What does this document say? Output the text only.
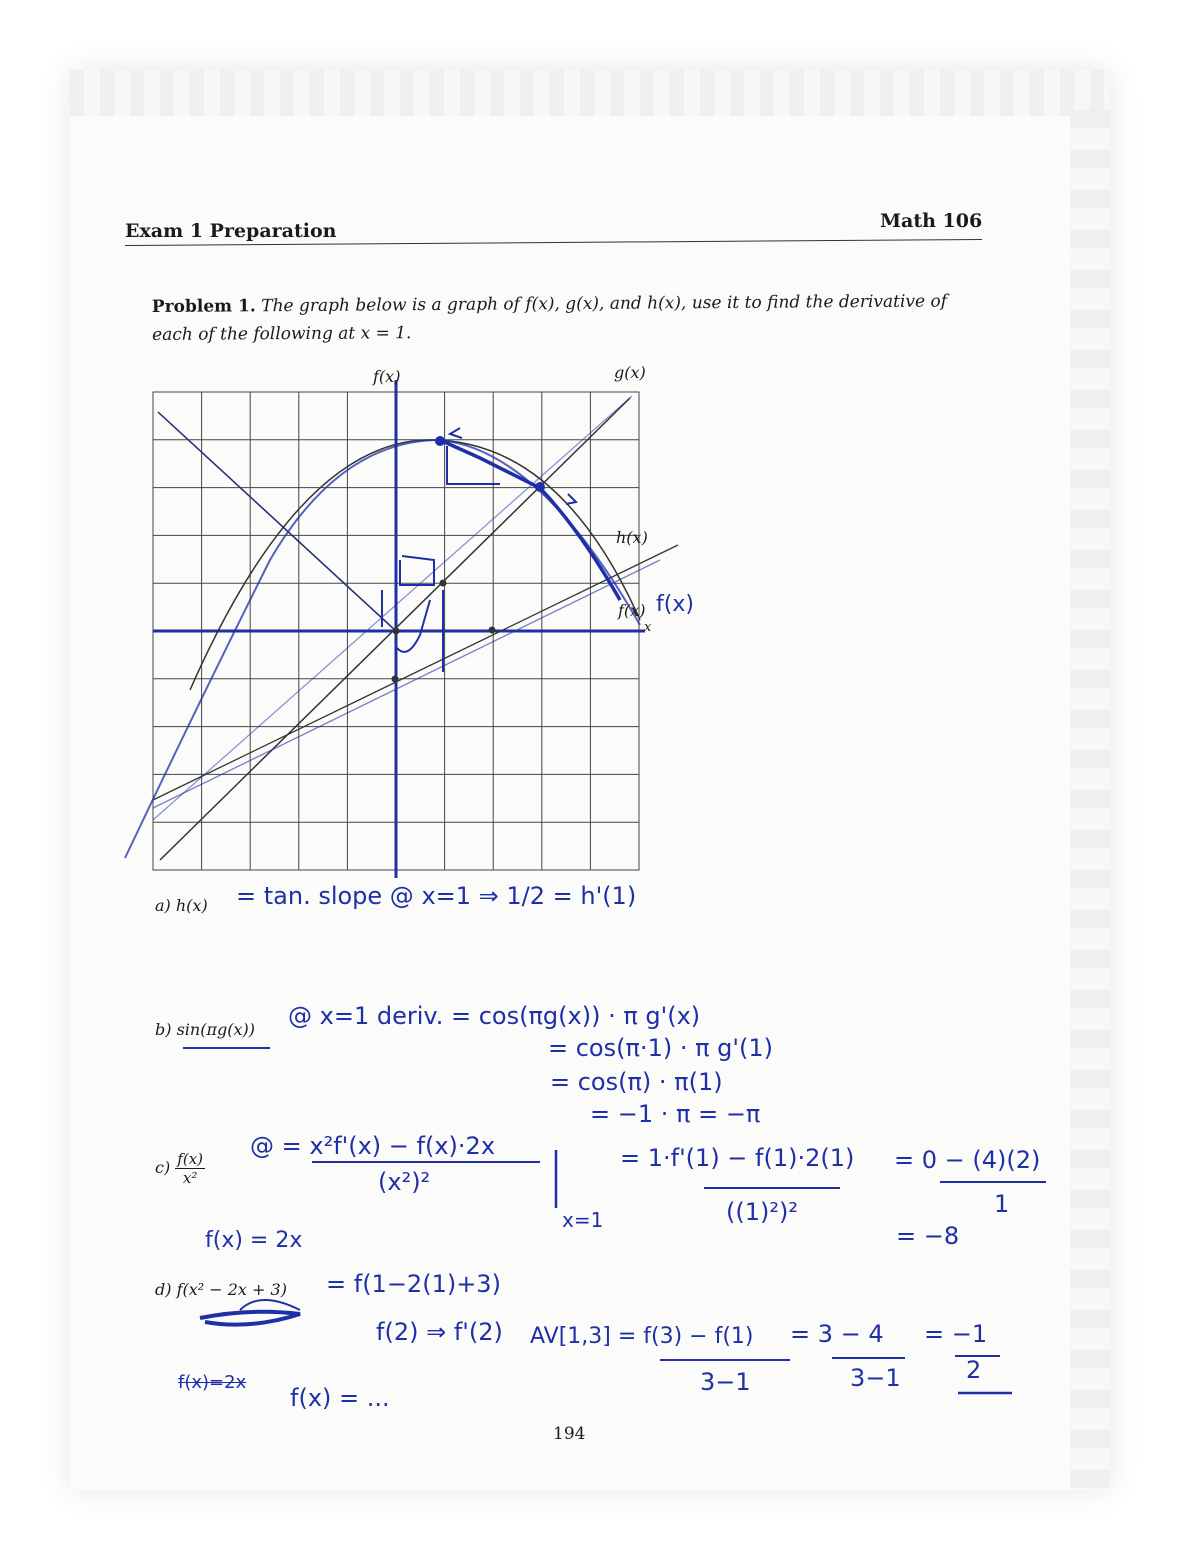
Exam 1 Preparation	Math 106
Problem 1. The graph below is a graph of f(x), g(x), and h(x), use it to find the derivative of each of the following at x = 1.
f(x)	g(x)
h(x)
f(x)
x
f(x)
a) h(x) = tan. slope @ x=1 ⇒ 1/2 = h'(1)
b) sin(πg(x)) @ x=1 deriv. = cos(πg(x)) · π g'(x)
= cos(π·1) · π g'(1)
= cos(π) · π(1)
= −1 · π = −π
$c) \frac{f(x)}{\text{x²}}$
@ = x²f'(x) − f(x)·2x
(x²)²
x=1
= 1·f'(1) − f(1)·2(1)
((1)²)²
= 0 − (4)(2)
1
= −8
f(x) = 2x
d) f(x² − 2x + 3) = f(1−2(1)+3)
f(2) ⇒ f'(2) AV[1,3] = f(3) − f(1)
3−1
= 3 − 4
3−1
= −1
2
f(x) = ...
f(x)=2x
194
